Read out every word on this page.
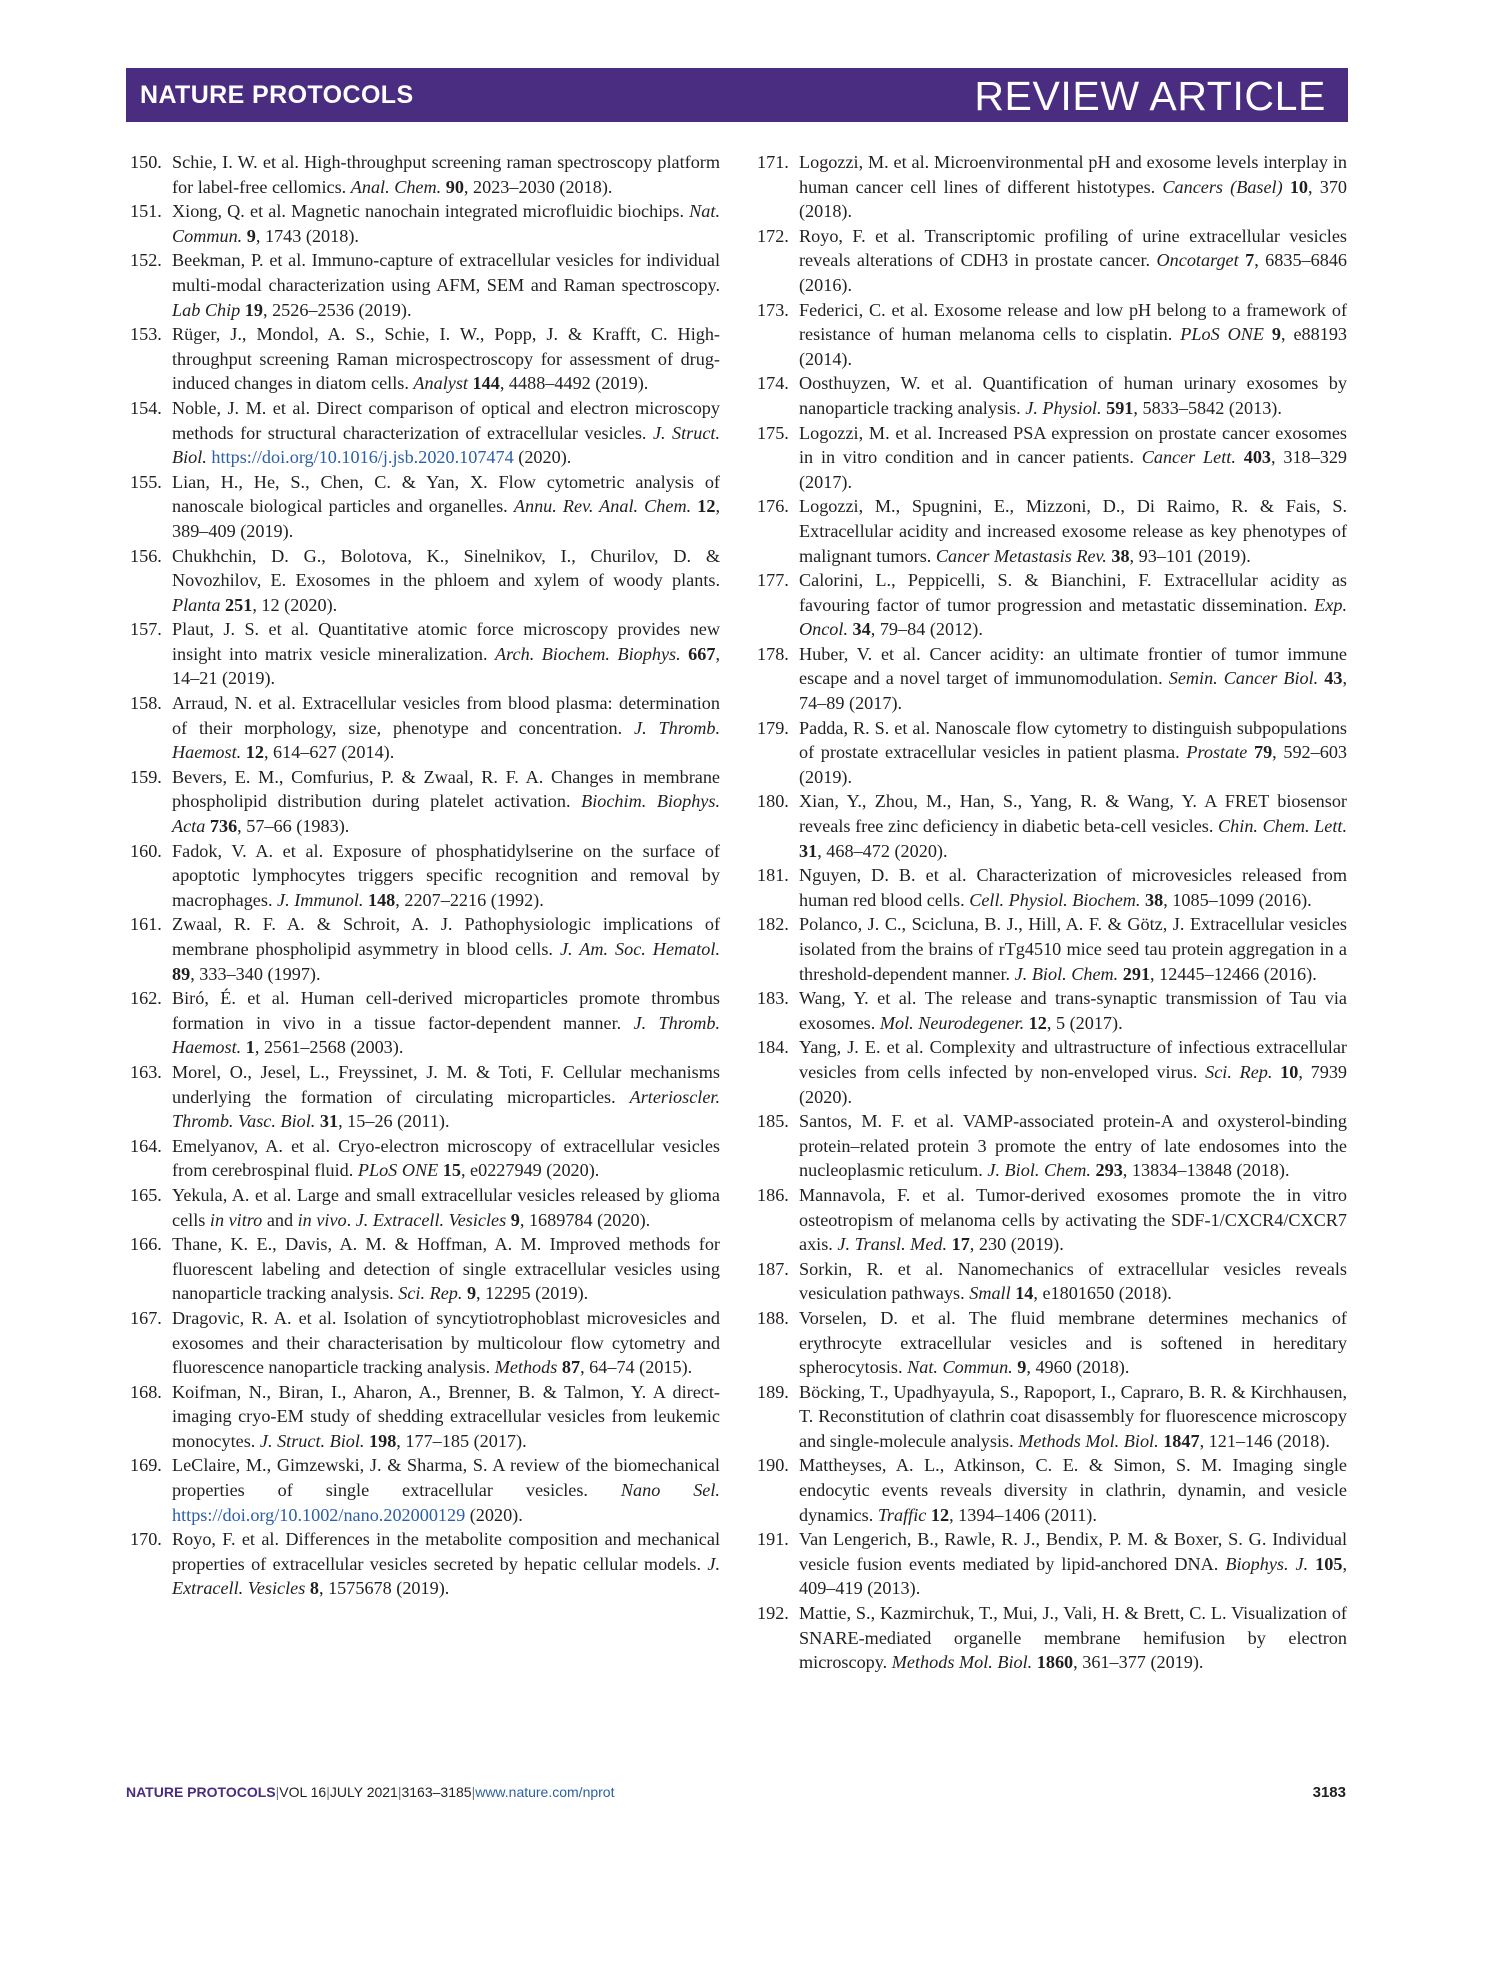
NATURE PROTOCOLS	REVIEW ARTICLE
150. Schie, I. W. et al. High-throughput screening raman spectroscopy platform for label-free cellomics. Anal. Chem. 90, 2023–2030 (2018).
151. Xiong, Q. et al. Magnetic nanochain integrated microfluidic biochips. Nat. Commun. 9, 1743 (2018).
152. Beekman, P. et al. Immuno-capture of extracellular vesicles for individual multi-modal characterization using AFM, SEM and Raman spectroscopy. Lab Chip 19, 2526–2536 (2019).
153. Rüger, J., Mondol, A. S., Schie, I. W., Popp, J. & Krafft, C. High-throughput screening Raman microspectroscopy for assessment of drug-induced changes in diatom cells. Analyst 144, 4488–4492 (2019).
154. Noble, J. M. et al. Direct comparison of optical and electron microscopy methods for structural characterization of extracellular vesicles. J. Struct. Biol. https://doi.org/10.1016/j.jsb.2020.107474 (2020).
155. Lian, H., He, S., Chen, C. & Yan, X. Flow cytometric analysis of nanoscale biological particles and organelles. Annu. Rev. Anal. Chem. 12, 389–409 (2019).
156. Chukhchin, D. G., Bolotova, K., Sinelnikov, I., Churilov, D. & Novozhilov, E. Exosomes in the phloem and xylem of woody plants. Planta 251, 12 (2020).
157. Plaut, J. S. et al. Quantitative atomic force microscopy provides new insight into matrix vesicle mineralization. Arch. Biochem. Biophys. 667, 14–21 (2019).
158. Arraud, N. et al. Extracellular vesicles from blood plasma: determination of their morphology, size, phenotype and concentration. J. Thromb. Haemost. 12, 614–627 (2014).
159. Bevers, E. M., Comfurius, P. & Zwaal, R. F. A. Changes in membrane phospholipid distribution during platelet activation. Biochim. Biophys. Acta 736, 57–66 (1983).
160. Fadok, V. A. et al. Exposure of phosphatidylserine on the surface of apoptotic lymphocytes triggers specific recognition and removal by macrophages. J. Immunol. 148, 2207–2216 (1992).
161. Zwaal, R. F. A. & Schroit, A. J. Pathophysiologic implications of membrane phospholipid asymmetry in blood cells. J. Am. Soc. Hematol. 89, 333–340 (1997).
162. Biró, É. et al. Human cell-derived microparticles promote thrombus formation in vivo in a tissue factor-dependent manner. J. Thromb. Haemost. 1, 2561–2568 (2003).
163. Morel, O., Jesel, L., Freyssinet, J. M. & Toti, F. Cellular mechanisms underlying the formation of circulating microparticles. Arterioscler. Thromb. Vasc. Biol. 31, 15–26 (2011).
164. Emelyanov, A. et al. Cryo-electron microscopy of extracellular vesicles from cerebrospinal fluid. PLoS ONE 15, e0227949 (2020).
165. Yekula, A. et al. Large and small extracellular vesicles released by glioma cells in vitro and in vivo. J. Extracell. Vesicles 9, 1689784 (2020).
166. Thane, K. E., Davis, A. M. & Hoffman, A. M. Improved methods for fluorescent labeling and detection of single extracellular vesicles using nanoparticle tracking analysis. Sci. Rep. 9, 12295 (2019).
167. Dragovic, R. A. et al. Isolation of syncytiotrophoblast microvesicles and exosomes and their characterisation by multicolour flow cytometry and fluorescence nanoparticle tracking analysis. Methods 87, 64–74 (2015).
168. Koifman, N., Biran, I., Aharon, A., Brenner, B. & Talmon, Y. A direct-imaging cryo-EM study of shedding extracellular vesicles from leukemic monocytes. J. Struct. Biol. 198, 177–185 (2017).
169. LeClaire, M., Gimzewski, J. & Sharma, S. A review of the biomechanical properties of single extracellular vesicles. Nano Sel. https://doi.org/10.1002/nano.202000129 (2020).
170. Royo, F. et al. Differences in the metabolite composition and mechanical properties of extracellular vesicles secreted by hepatic cellular models. J. Extracell. Vesicles 8, 1575678 (2019).
171. Logozzi, M. et al. Microenvironmental pH and exosome levels interplay in human cancer cell lines of different histotypes. Cancers (Basel) 10, 370 (2018).
172. Royo, F. et al. Transcriptomic profiling of urine extracellular vesicles reveals alterations of CDH3 in prostate cancer. Oncotarget 7, 6835–6846 (2016).
173. Federici, C. et al. Exosome release and low pH belong to a framework of resistance of human melanoma cells to cisplatin. PLoS ONE 9, e88193 (2014).
174. Oosthuyzen, W. et al. Quantification of human urinary exosomes by nanoparticle tracking analysis. J. Physiol. 591, 5833–5842 (2013).
175. Logozzi, M. et al. Increased PSA expression on prostate cancer exosomes in in vitro condition and in cancer patients. Cancer Lett. 403, 318–329 (2017).
176. Logozzi, M., Spugnini, E., Mizzoni, D., Di Raimo, R. & Fais, S. Extracellular acidity and increased exosome release as key phenotypes of malignant tumors. Cancer Metastasis Rev. 38, 93–101 (2019).
177. Calorini, L., Peppicelli, S. & Bianchini, F. Extracellular acidity as favouring factor of tumor progression and metastatic dissemination. Exp. Oncol. 34, 79–84 (2012).
178. Huber, V. et al. Cancer acidity: an ultimate frontier of tumor immune escape and a novel target of immunomodulation. Semin. Cancer Biol. 43, 74–89 (2017).
179. Padda, R. S. et al. Nanoscale flow cytometry to distinguish subpopulations of prostate extracellular vesicles in patient plasma. Prostate 79, 592–603 (2019).
180. Xian, Y., Zhou, M., Han, S., Yang, R. & Wang, Y. A FRET biosensor reveals free zinc deficiency in diabetic beta-cell vesicles. Chin. Chem. Lett. 31, 468–472 (2020).
181. Nguyen, D. B. et al. Characterization of microvesicles released from human red blood cells. Cell. Physiol. Biochem. 38, 1085–1099 (2016).
182. Polanco, J. C., Scicluna, B. J., Hill, A. F. & Götz, J. Extracellular vesicles isolated from the brains of rTg4510 mice seed tau protein aggregation in a threshold-dependent manner. J. Biol. Chem. 291, 12445–12466 (2016).
183. Wang, Y. et al. The release and trans-synaptic transmission of Tau via exosomes. Mol. Neurodegener. 12, 5 (2017).
184. Yang, J. E. et al. Complexity and ultrastructure of infectious extracellular vesicles from cells infected by non-enveloped virus. Sci. Rep. 10, 7939 (2020).
185. Santos, M. F. et al. VAMP-associated protein-A and oxysterol-binding protein–related protein 3 promote the entry of late endosomes into the nucleoplasmic reticulum. J. Biol. Chem. 293, 13834–13848 (2018).
186. Mannavola, F. et al. Tumor-derived exosomes promote the in vitro osteotropism of melanoma cells by activating the SDF-1/CXCR4/CXCR7 axis. J. Transl. Med. 17, 230 (2019).
187. Sorkin, R. et al. Nanomechanics of extracellular vesicles reveals vesiculation pathways. Small 14, e1801650 (2018).
188. Vorselen, D. et al. The fluid membrane determines mechanics of erythrocyte extracellular vesicles and is softened in hereditary spherocytosis. Nat. Commun. 9, 4960 (2018).
189. Böcking, T., Upadhyayula, S., Rapoport, I., Capraro, B. R. & Kirchhausen, T. Reconstitution of clathrin coat disassembly for fluorescence microscopy and single-molecule analysis. Methods Mol. Biol. 1847, 121–146 (2018).
190. Mattheyses, A. L., Atkinson, C. E. & Simon, S. M. Imaging single endocytic events reveals diversity in clathrin, dynamin, and vesicle dynamics. Traffic 12, 1394–1406 (2011).
191. Van Lengerich, B., Rawle, R. J., Bendix, P. M. & Boxer, S. G. Individual vesicle fusion events mediated by lipid-anchored DNA. Biophys. J. 105, 409–419 (2013).
192. Mattie, S., Kazmirchuk, T., Mui, J., Vali, H. & Brett, C. L. Visualization of SNARE-mediated organelle membrane hemifusion by electron microscopy. Methods Mol. Biol. 1860, 361–377 (2019).
NATURE PROTOCOLS|VOL 16|JULY 2021|3163–3185|www.nature.com/nprot	3183
